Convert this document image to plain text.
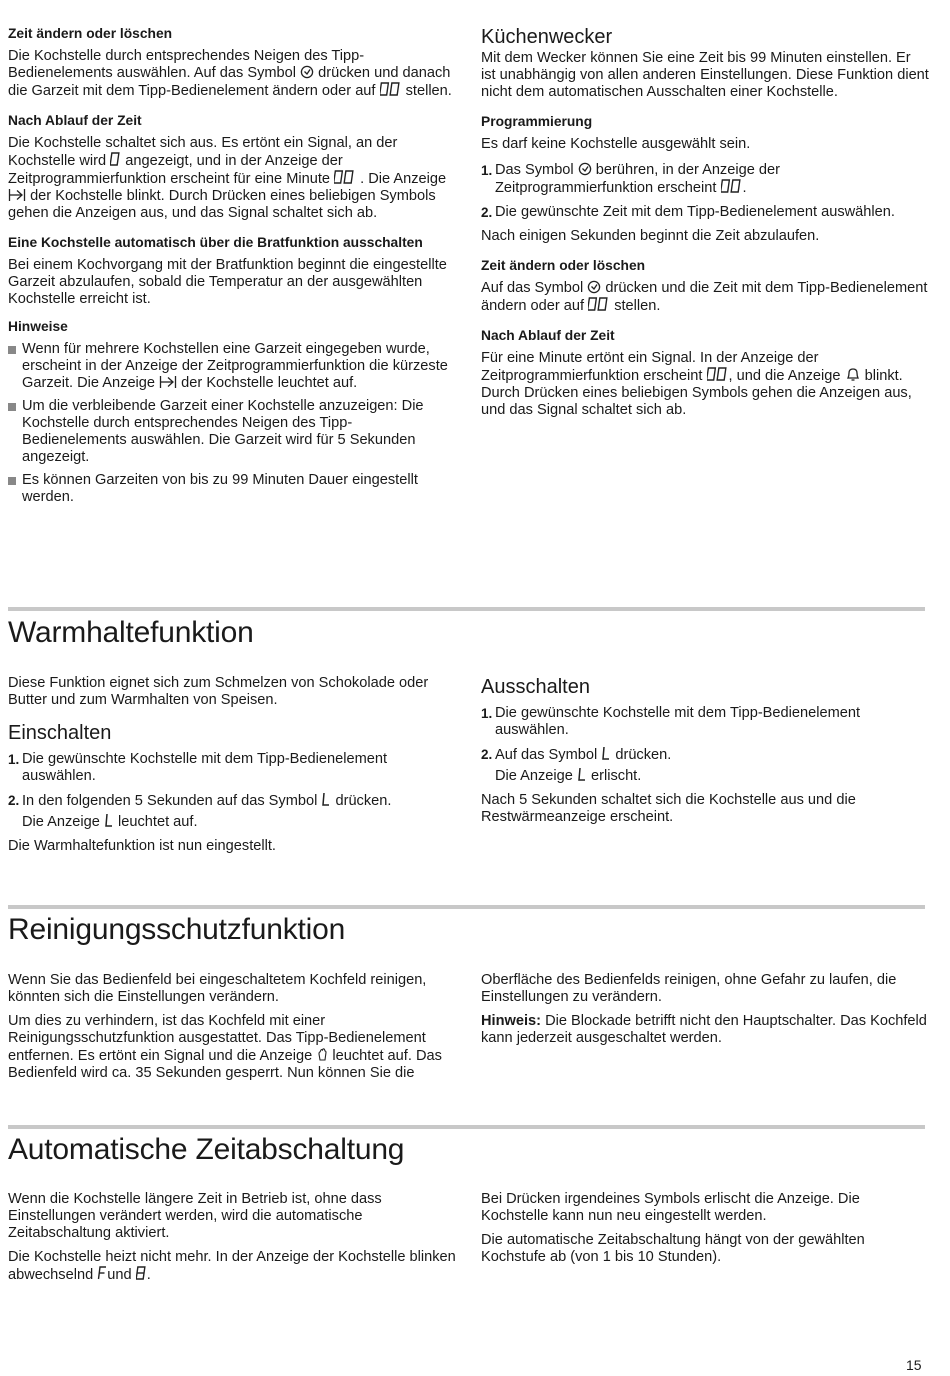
Zeit ändern oder löschen

Die Kochstelle durch entsprechendes Neigen des Tipp-Bedienelements auswählen. Auf das Symbol drücken und danach die Garzeit mit dem Tipp-Bedienelement ändern oder auf stellen.

Nach Ablauf der Zeit

Die Kochstelle schaltet sich aus. Es ertönt ein Signal, an der Kochstelle wird angezeigt, und in der Anzeige der Zeitprogrammierfunktion erscheint für eine Minute . Die Anzeige
der Kochstelle blinkt. Durch Drücken eines beliebigen Symbols gehen die Anzeigen aus, und das Signal schaltet sich ab.

Eine Kochstelle automatisch über die Bratfunktion ausschalten

Bei einem Kochvorgang mit der Bratfunktion beginnt die eingestellte Garzeit abzulaufen, sobald die Temperatur an der ausgewählten Kochstelle erreicht ist.

Hinweise
Wenn für mehrere Kochstellen eine Garzeit eingegeben wurde, erscheint in der Anzeige der Zeitprogrammierfunktion die kürzeste Garzeit. Die Anzeige der Kochstelle leuchtet auf.
Um die verbleibende Garzeit einer Kochstelle anzuzeigen: Die Kochstelle durch entsprechendes Neigen des Tipp-Bedienelements auswählen. Die Garzeit wird für 5 Sekunden angezeigt.
Es können Garzeiten von bis zu 99 Minuten Dauer eingestellt werden.
Küchenwecker

Mit dem Wecker können Sie eine Zeit bis 99 Minuten einstellen. Er ist unabhängig von allen anderen Einstellungen. Diese Funktion dient nicht dem automatischen Ausschalten einer Kochstelle.

Programmierung

Es darf keine Kochstelle ausgewählt sein.

1. Das Symbol berühren, in der Anzeige der Zeitprogrammierfunktion erscheint .
2. Die gewünschte Zeit mit dem Tipp-Bedienelement auswählen.

Nach einigen Sekunden beginnt die Zeit abzulaufen.

Zeit ändern oder löschen

Auf das Symbol drücken und die Zeit mit dem Tipp-Bedienelement ändern oder auf stellen.

Nach Ablauf der Zeit

Für eine Minute ertönt ein Signal. In der Anzeige der Zeitprogrammierfunktion erscheint , und die Anzeige blinkt. Durch Drücken eines beliebigen Symbols gehen die Anzeigen aus, und das Signal schaltet sich ab.

Warmhaltefunktion

Diese Funktion eignet sich zum Schmelzen von Schokolade oder Butter und zum Warmhalten von Speisen.

Einschalten
1. Die gewünschte Kochstelle mit dem Tipp-Bedienelement auswählen.
2. In den folgenden 5 Sekunden auf das Symbol drücken.

Die Anzeige leuchtet auf.

Die Warmhaltefunktion ist nun eingestellt.

Ausschalten
1. Die gewünschte Kochstelle mit dem Tipp-Bedienelement auswählen.
2. Auf das Symbol drücken.

Die Anzeige erlischt.

Nach 5 Sekunden schaltet sich die Kochstelle aus und die Restwärmeanzeige erscheint.

Reinigungsschutzfunktion

Wenn Sie das Bedienfeld bei eingeschaltetem Kochfeld reinigen, könnten sich die Einstellungen verändern.

Um dies zu verhindern, ist das Kochfeld mit einer Reinigungsschutzfunktion ausgestattet. Das Tipp-Bedienelement entfernen. Es ertönt ein Signal und die Anzeige leuchtet auf. Das Bedienfeld wird ca. 35 Sekunden gesperrt. Nun können Sie die

Oberfläche des Bedienfelds reinigen, ohne Gefahr zu laufen, die Einstellungen zu verändern.

Hinweis: Die Blockade betrifft nicht den Hauptschalter. Das Kochfeld kann jederzeit ausgeschaltet werden.

Automatische Zeitabschaltung

Wenn die Kochstelle längere Zeit in Betrieb ist, ohne dass Einstellungen verändert werden, wird die automatische Zeitabschaltung aktiviert.

Die Kochstelle heizt nicht mehr. In der Anzeige der Kochstelle blinken abwechselnd und .

Bei Drücken irgendeines Symbols erlischt die Anzeige. Die Kochstelle kann nun neu eingestellt werden.

Die automatische Zeitabschaltung hängt von der gewählten Kochstufe ab (von 1 bis 10 Stunden).

15
